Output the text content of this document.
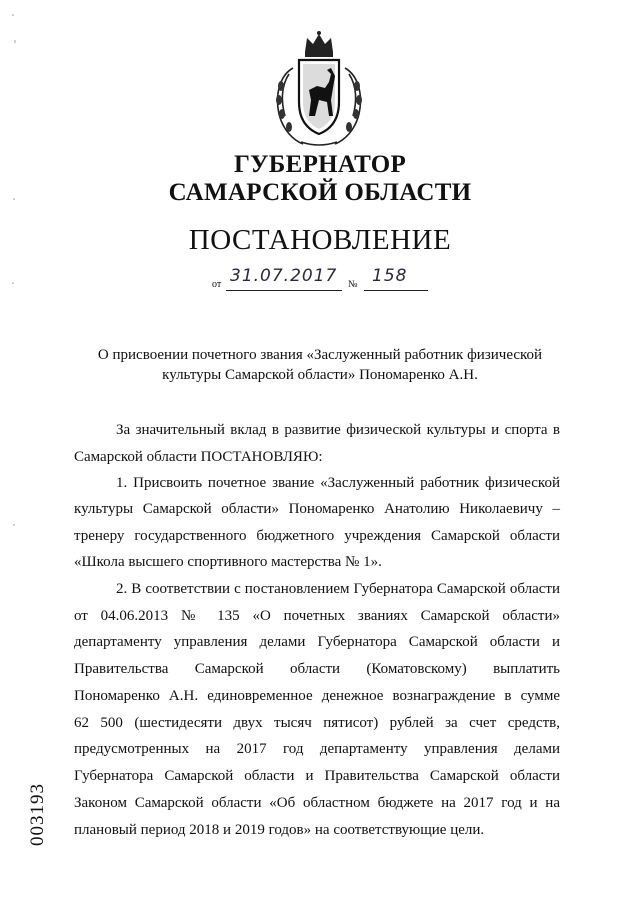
ГУБЕРНАТОР
САМАРСКОЙ ОБЛАСТИ
ПОСТАНОВЛЕНИЕ
от 31.07.2017 № 158
О присвоении почетного звания «Заслуженный работник физической
культуры Самарской области» Пономаренко А.Н.
За значительный вклад в развитие физической культуры и спорта в
Самарской области ПОСТАНОВЛЯЮ:
1. Присвоить почетное звание «Заслуженный работник физической
культуры Самарской области» Пономаренко Анатолию Николаевичу –
тренеру государственного бюджетного учреждения Самарской области
«Школа высшего спортивного мастерства № 1».
2. В соответствии с постановлением Губернатора Самарской области
от 04.06.2013 № 135 «О почетных званиях Самарской области»
департаменту управления делами Губернатора Самарской области и
Правительства Самарской области (Коматовскому) выплатить
Пономаренко А.Н. единовременное денежное вознаграждение в сумме
62 500 (шестидесяти двух тысяч пятисот) рублей за счет средств,
предусмотренных на 2017 год департаменту управления делами
Губернатора Самарской области и Правительства Самарской области
Законом Самарской области «Об областном бюджете на 2017 год и на
плановый период 2018 и 2019 годов» на соответствующие цели.
003193
